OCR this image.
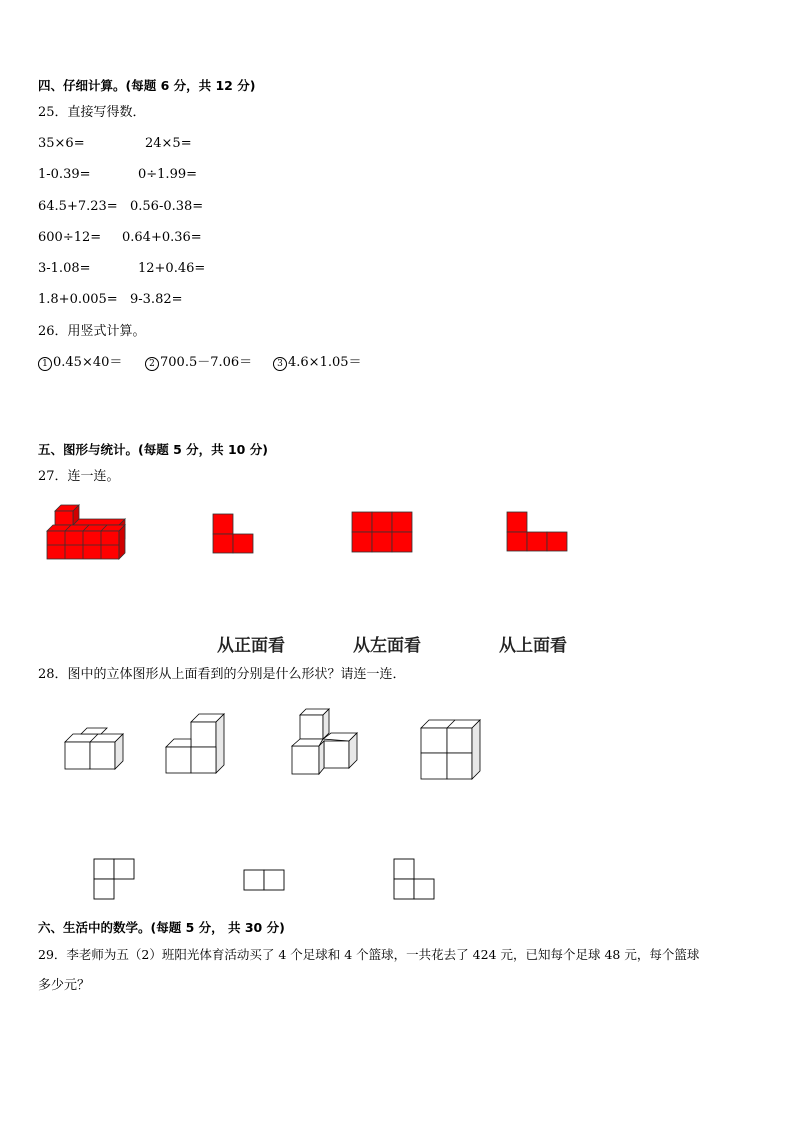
四、仔细计算。(每题 6 分，共 12 分)
25．直接写得数．
35×6=	24×5=
1-0.39=	0÷1.99=
64.5+7.23= 0.56-0.38=
600÷12= 0.64+0.36=
3-1.08=	12+0.46=
1.8+0.005= 9-3.82=
26．用竖式计算。
1 0.45×40＝	2 700.5－7.06＝	3 4.6×1.05＝
五、图形与统计。(每题 5 分，共 10 分)
27．连一连。
从正面看	从左面看	从上面看
28．图中的立体图形从上面看到的分别是什么形状？请连一连．
六、生活中的数学。(每题 5 分， 共 30 分)
29．李老师为五（2）班阳光体育活动买了 4 个足球和 4 个篮球，一共花去了 424 元，已知每个足球 48 元，每个篮球
多少元？
